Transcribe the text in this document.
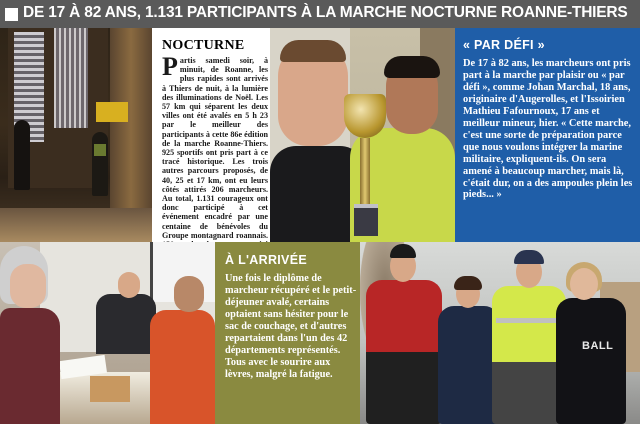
DE 17 À 82 ANS, 1.131 PARTICIPANTS À LA MARCHE NOCTURNE ROANNE-THIERS
NOCTURNE
Partis samedi soir, à minuit, de Roanne, les plus rapides sont arrivés à Thiers de nuit, à la lumière des illuminations de Noël. Les 57 km qui séparent les deux villes ont été avalés en 5 h 23 par le meilleur des participants à cette 86e édition de la marche Roanne-Thiers. 925 sportifs ont pris part à ce tracé historique. Les trois autres parcours proposés, de 40, 25 et 17 km, ont eu leurs côtés attirés 206 marcheurs. Au total, 1.131 courageux ont donc participé à cet événement encadré par une centaine de bénévoles du Groupe montagnard roannais.
« PAR DÉFI »
De 17 à 82 ans, les marcheurs ont pris part à la marche par plaisir ou « par défi », comme Johan Marchal, 18 ans, originaire d'Augerolles, et l'Issoirien Mathieu Fafournoux, 17 ans et meilleur mineur, hier. « Cette marche, c'est une sorte de préparation parce que nous voulons intégrer la marine militaire, expliquent-ils. On sera amené à beaucoup marcher, mais là, c'était dur, on a des ampoules plein les pieds... »
À L'ARRIVÉE
Une fois le diplôme de marcheur récupéré et le petit-déjeuner avalé, certains optaient sans hésiter pour le sac de couchage, et d'autres repartaient dans l'un des 42 départements représentés. Tous avec le sourire aux lèvres, malgré la fatigue.
BALL
